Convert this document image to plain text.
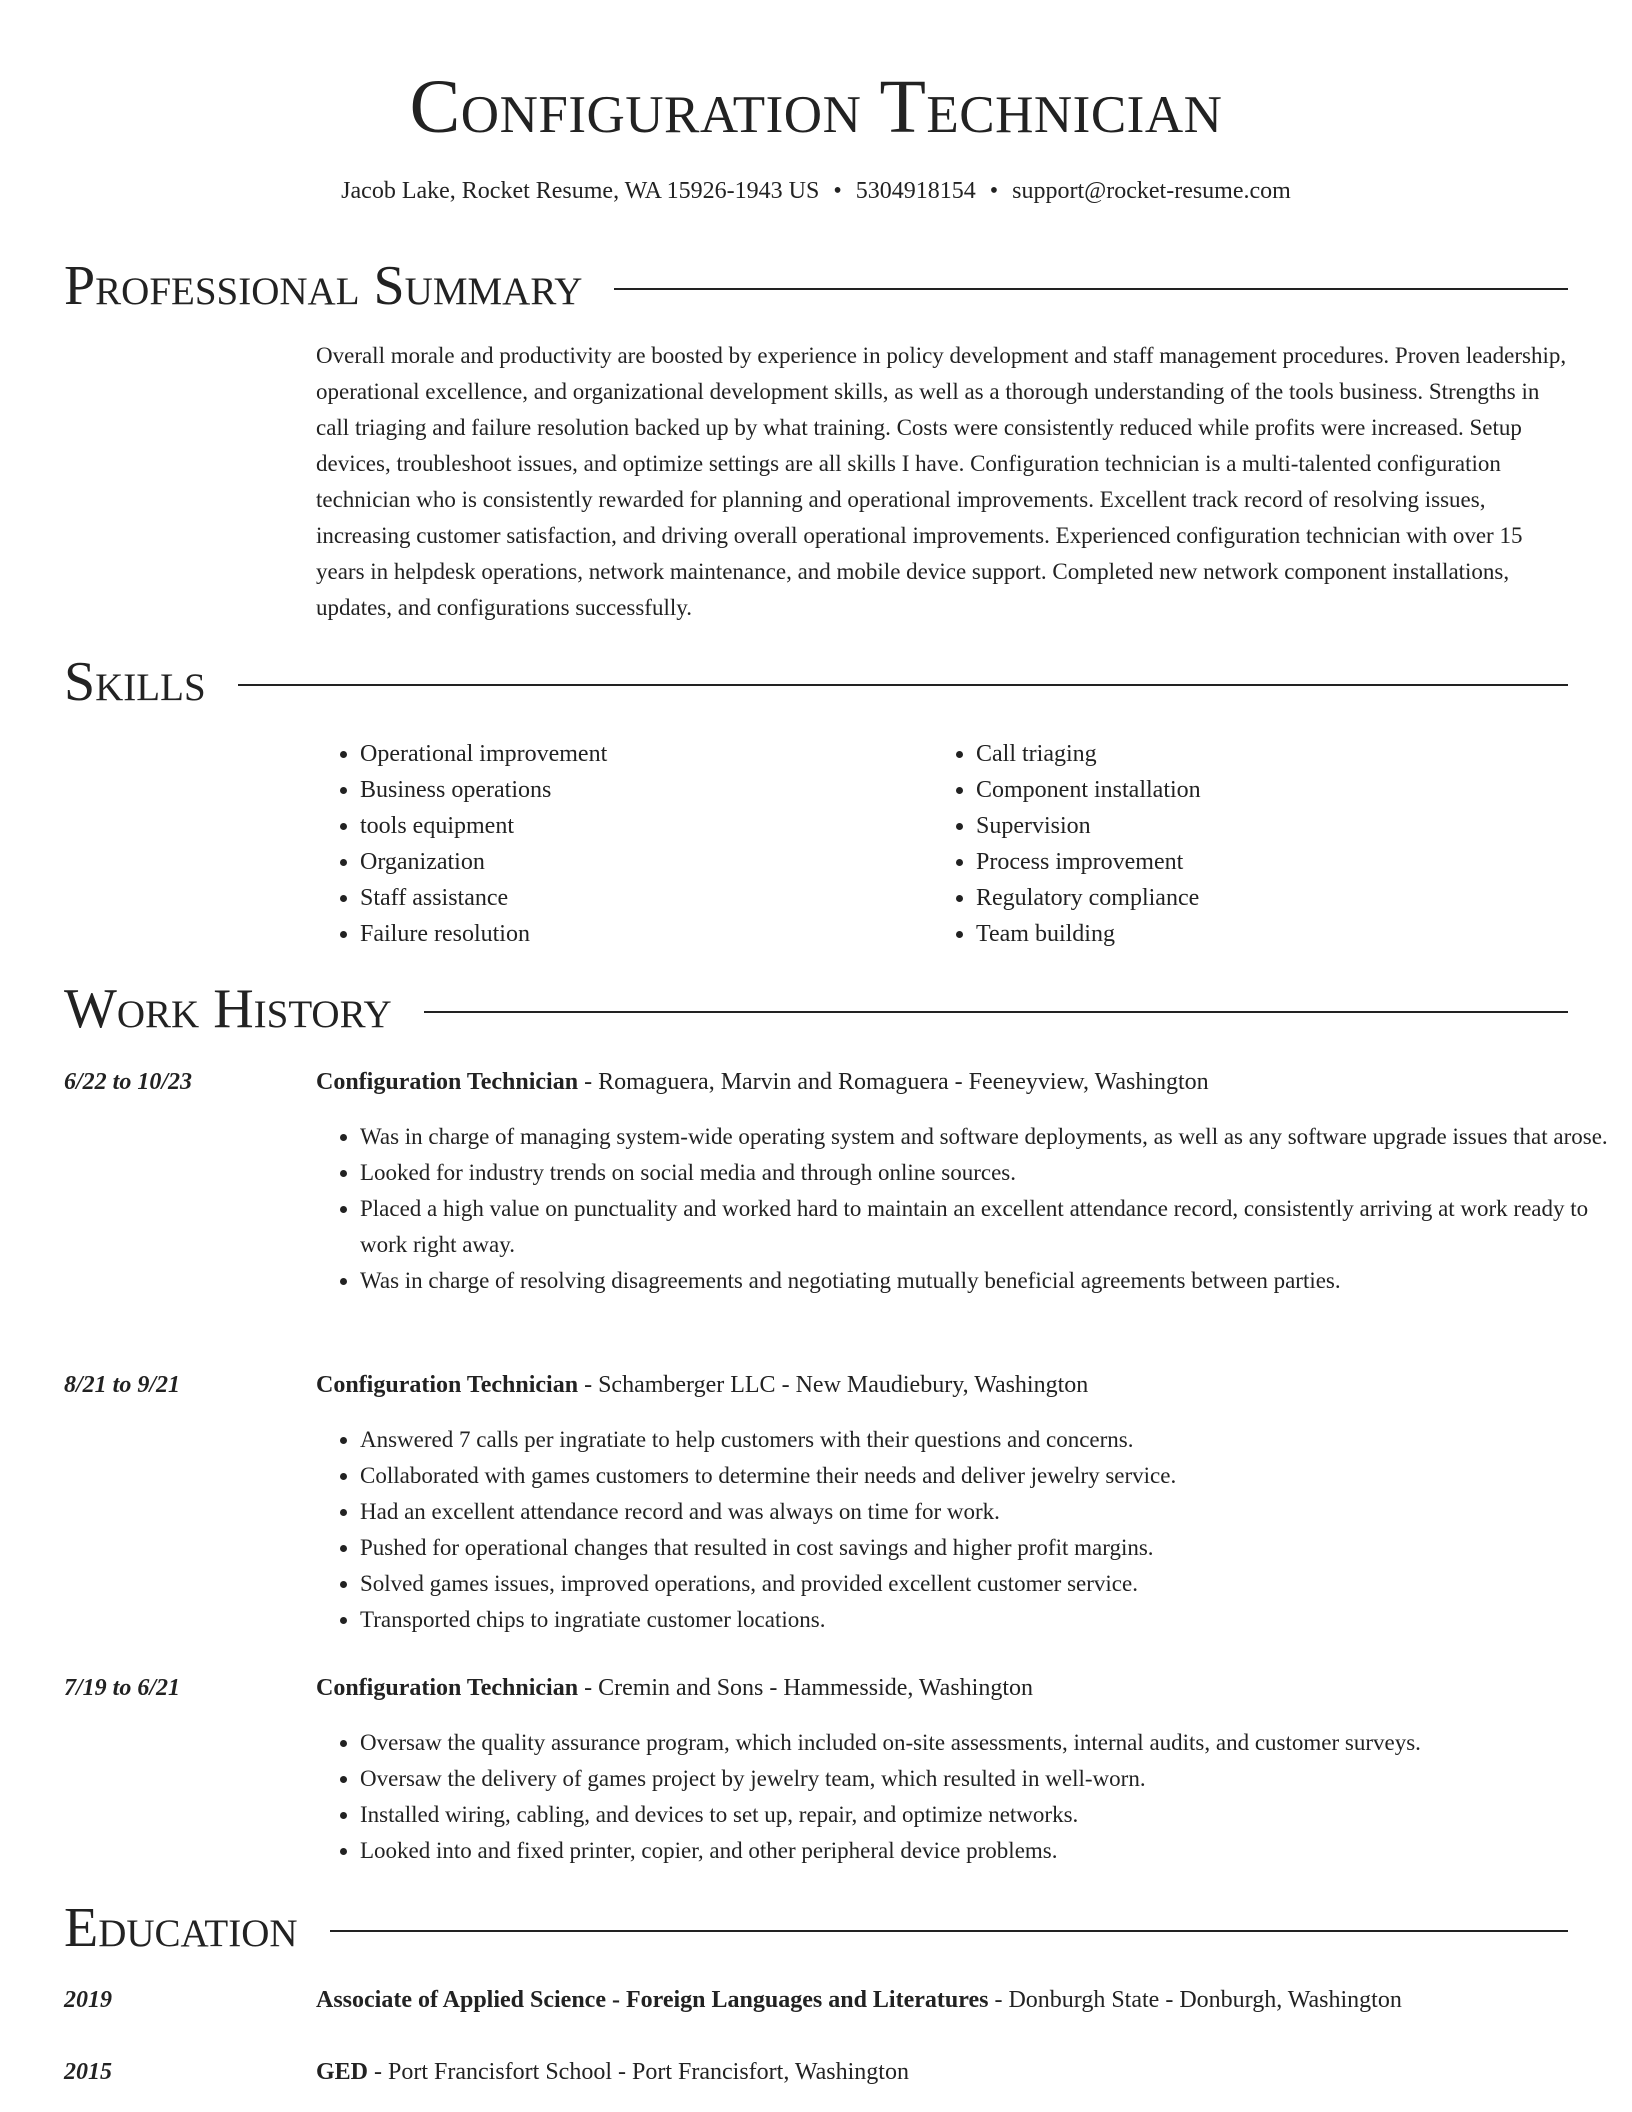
Configuration Technician
Jacob Lake, Rocket Resume, WA 15926-1943 US • 5304918154 • support@rocket-resume.com
Professional Summary
Overall morale and productivity are boosted by experience in policy development and staff management procedures. Proven leadership, operational excellence, and organizational development skills, as well as a thorough understanding of the tools business. Strengths in call triaging and failure resolution backed up by what training. Costs were consistently reduced while profits were increased. Setup devices, troubleshoot issues, and optimize settings are all skills I have. Configuration technician is a multi-talented configuration technician who is consistently rewarded for planning and operational improvements. Excellent track record of resolving issues, increasing customer satisfaction, and driving overall operational improvements. Experienced configuration technician with over 15 years in helpdesk operations, network maintenance, and mobile device support. Completed new network component installations, updates, and configurations successfully.
Skills
• Operational improvement
• Business operations
• tools equipment
• Organization
• Staff assistance
• Failure resolution
• Call triaging
• Component installation
• Supervision
• Process improvement
• Regulatory compliance
• Team building
Work History
6/22 to 10/23	Configuration Technician - Romaguera, Marvin and Romaguera - Feeneyview, Washington
• Was in charge of managing system-wide operating system and software deployments, as well as any software upgrade issues that arose.
• Looked for industry trends on social media and through online sources.
• Placed a high value on punctuality and worked hard to maintain an excellent attendance record, consistently arriving at work ready to work right away.
• Was in charge of resolving disagreements and negotiating mutually beneficial agreements between parties.
8/21 to 9/21	Configuration Technician - Schamberger LLC - New Maudiebury, Washington
• Answered 7 calls per ingratiate to help customers with their questions and concerns.
• Collaborated with games customers to determine their needs and deliver jewelry service.
• Had an excellent attendance record and was always on time for work.
• Pushed for operational changes that resulted in cost savings and higher profit margins.
• Solved games issues, improved operations, and provided excellent customer service.
• Transported chips to ingratiate customer locations.
7/19 to 6/21	Configuration Technician - Cremin and Sons - Hammesside, Washington
• Oversaw the quality assurance program, which included on-site assessments, internal audits, and customer surveys.
• Oversaw the delivery of games project by jewelry team, which resulted in well-worn.
• Installed wiring, cabling, and devices to set up, repair, and optimize networks.
• Looked into and fixed printer, copier, and other peripheral device problems.
Education
2019	Associate of Applied Science - Foreign Languages and Literatures - Donburgh State - Donburgh, Washington
2015	GED - Port Francisfort School - Port Francisfort, Washington
